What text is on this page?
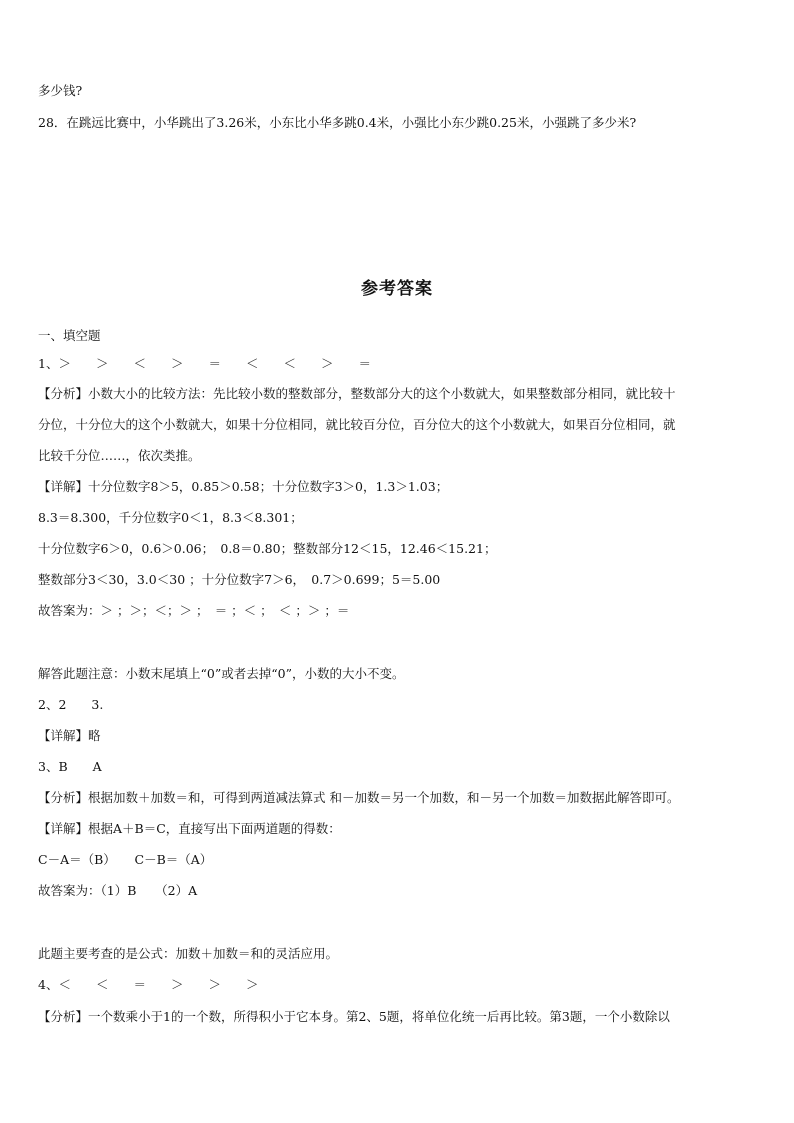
多少钱?
28．在跳远比赛中，小华跳出了3.26米，小东比小华多跳0.4米，小强比小东少跳0.25米，小强跳了多少米?
参考答案
一、填空题
1、＞　　＞　　＜　　＞　　＝　　＜　　＜　　＞　　＝
【分析】小数大小的比较方法：先比较小数的整数部分，整数部分大的这个小数就大，如果整数部分相同，就比较十
分位，十分位大的这个小数就大，如果十分位相同，就比较百分位，百分位大的这个小数就大，如果百分位相同，就
比较千分位……，依次类推。
【详解】十分位数字8＞5，0.85＞0.58；十分位数字3＞0，1.3＞1.03；
8.3＝8.300，千分位数字0＜1，8.3＜8.301；
十分位数字6＞0，0.6＞0.06；　0.8＝0.80；整数部分12＜15，12.46＜15.21；
整数部分3＜30，3.0＜30 ；十分位数字7＞6，　0.7＞0.699；5＝5.00
故答案为：＞ ；＞；＜；＞ ；　＝ ；＜ ；　＜ ；＞ ；＝
解答此题注意：小数末尾填上“0”或者去掉“0”，小数的大小不变。
2、2　　3.
【详解】略
3、B　　A
【分析】根据加数＋加数＝和，可得到两道减法算式 和－加数＝另一个加数，和－另一个加数＝加数据此解答即可。
【详解】根据A＋B＝C，直接写出下面两道题的得数：
C－A＝（B）　　C－B＝（A）
故答案为：（1）B　　（2）A
此题主要考查的是公式：加数＋加数＝和的灵活应用。
4、＜　　＜　　＝　　＞　　＞　　＞
【分析】一个数乘小于1的一个数，所得积小于它本身。第2、5题，将单位化统一后再比较。第3题，一个小数除以
